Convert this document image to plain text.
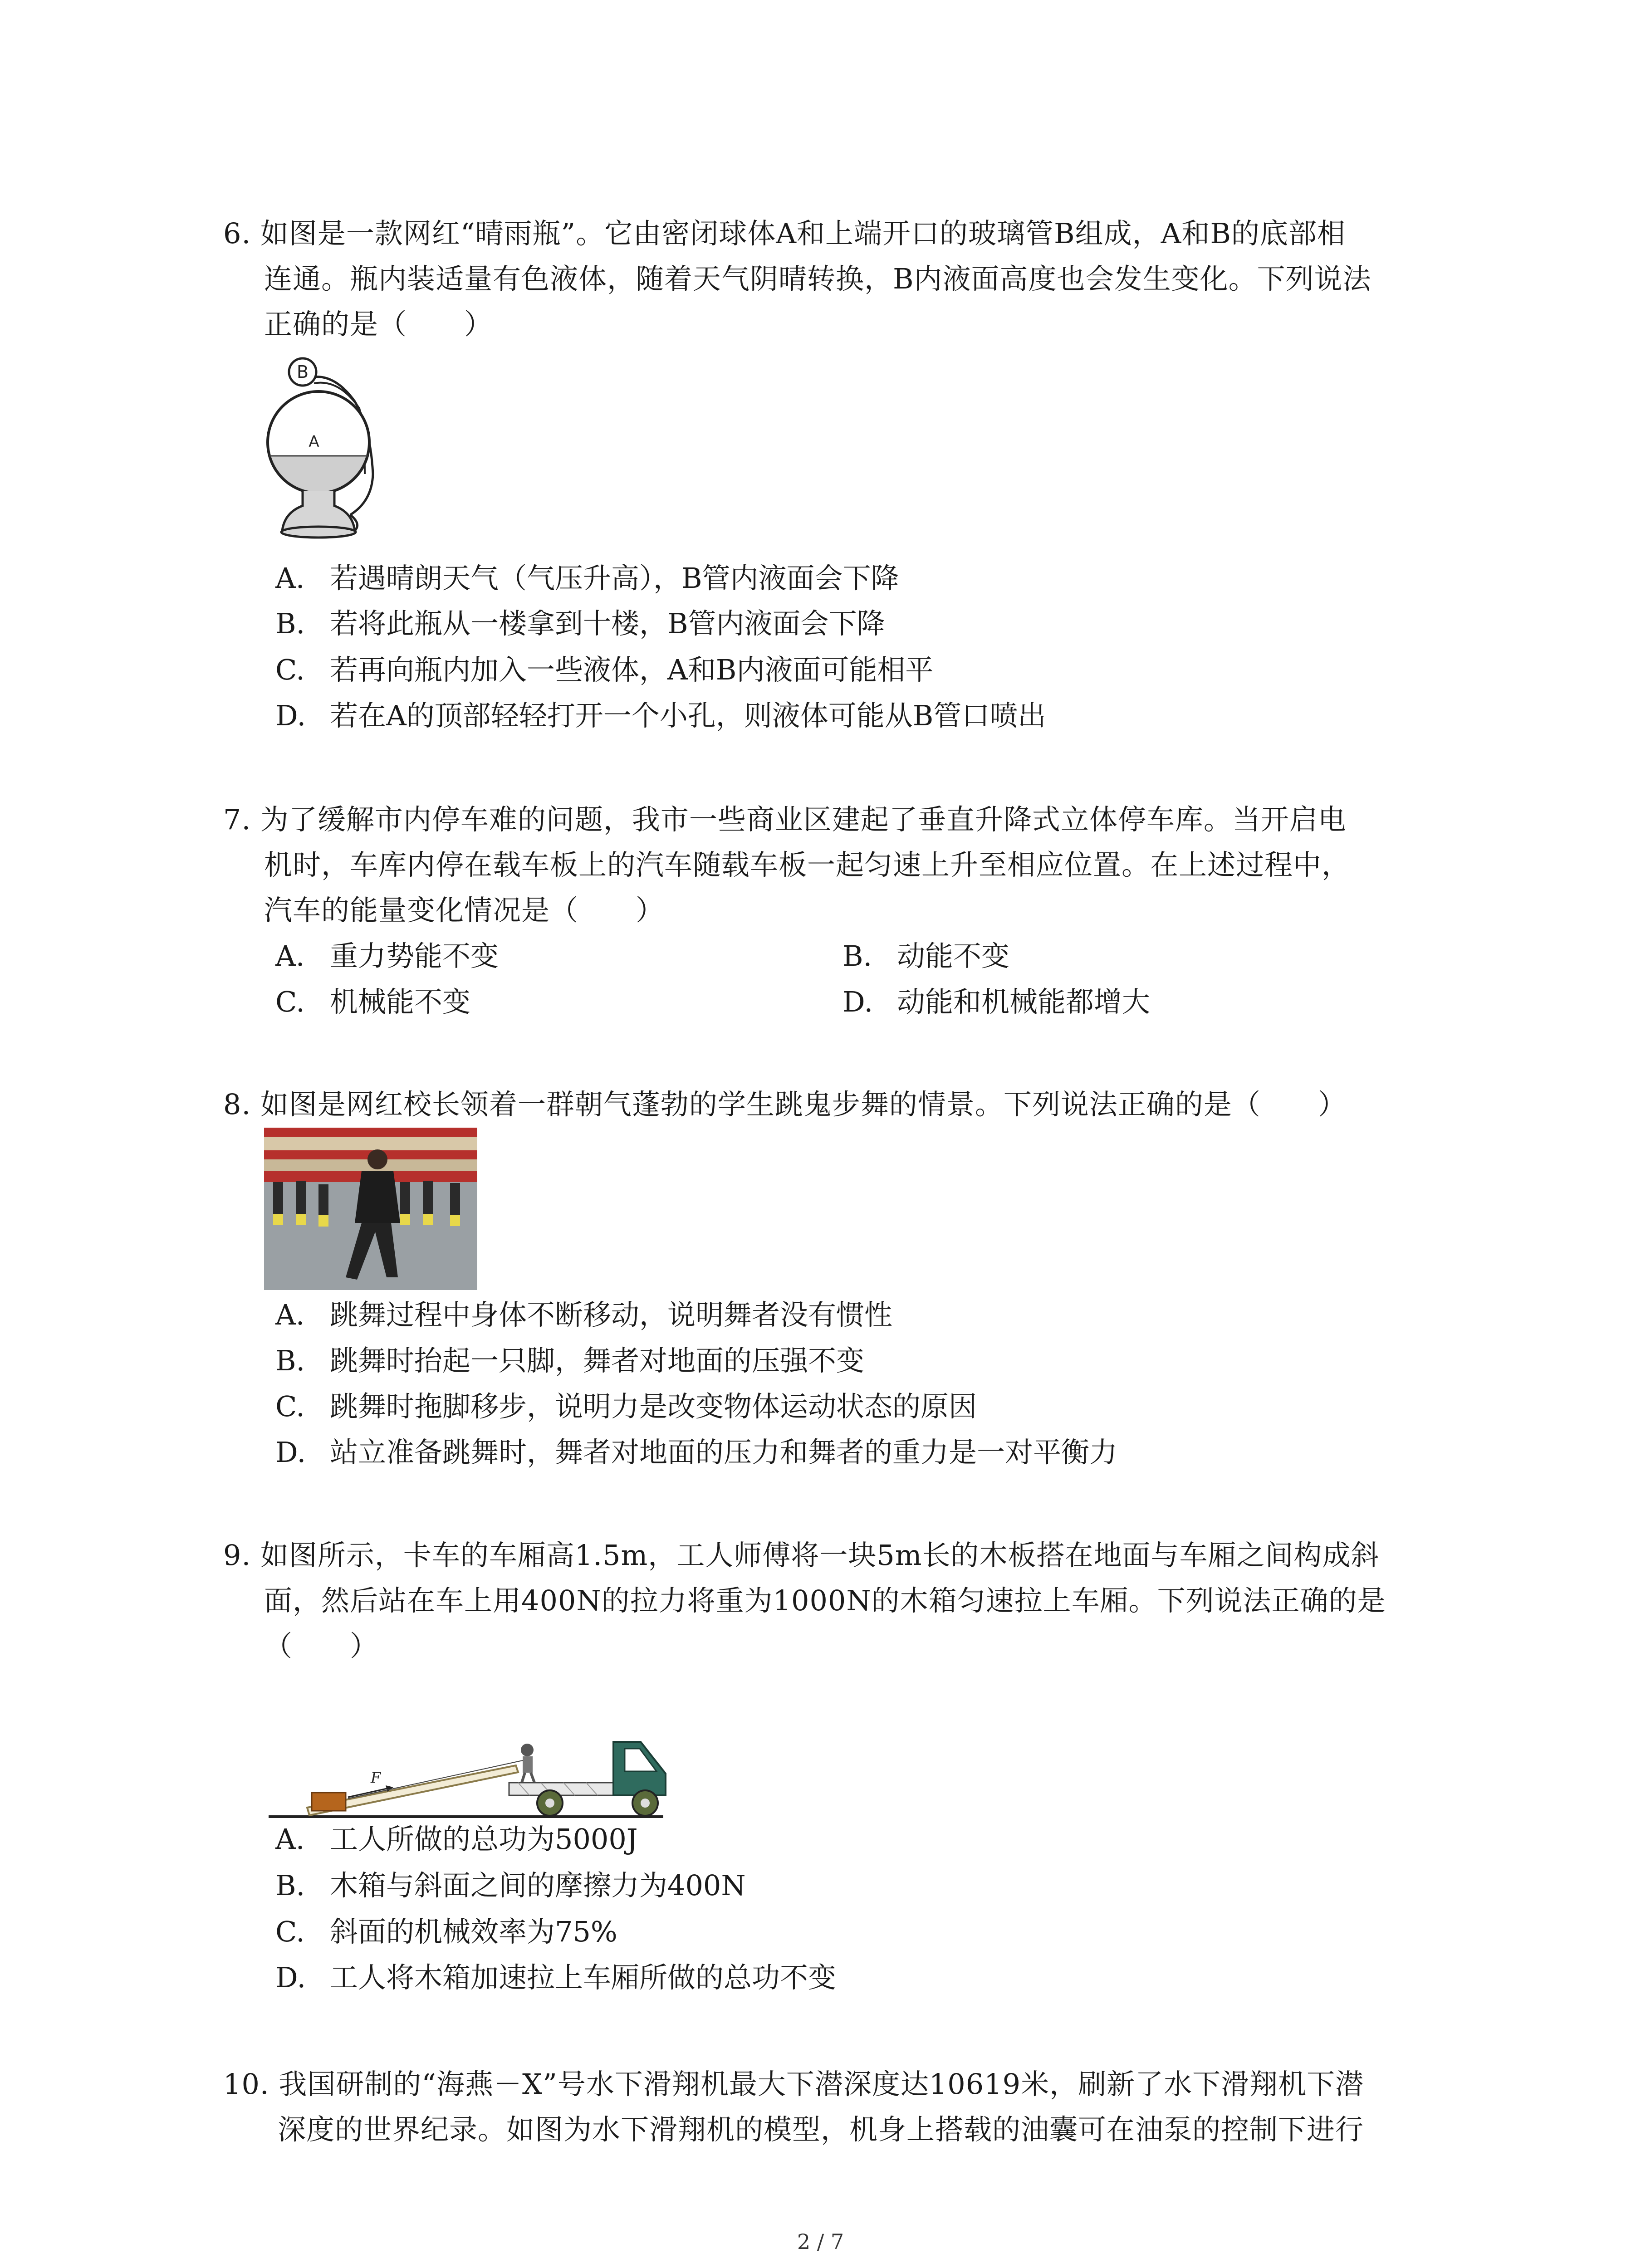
6. 如图是一款网红“晴雨瓶”。它由密闭球体A和上端开口的玻璃管B组成，A和B的底部相
连通。瓶内装适量有色液体，随着天气阴晴转换，B内液面高度也会发生变化。下列说法
正确的是（　　）
B
A
A. 若遇晴朗天气（气压升高），B管内液面会下降
B. 若将此瓶从一楼拿到十楼，B管内液面会下降
C. 若再向瓶内加入一些液体，A和B内液面可能相平
D. 若在A的顶部轻轻打开一个小孔，则液体可能从B管口喷出
7. 为了缓解市内停车难的问题，我市一些商业区建起了垂直升降式立体停车库。当开启电
机时，车库内停在载车板上的汽车随载车板一起匀速上升至相应位置。在上述过程中，
汽车的能量变化情况是（　　）
A. 重力势能不变	B. 动能不变
C. 机械能不变	D. 动能和机械能都增大
8. 如图是网红校长领着一群朝气蓬勃的学生跳鬼步舞的情景。下列说法正确的是（　　）
A. 跳舞过程中身体不断移动，说明舞者没有惯性
B. 跳舞时抬起一只脚，舞者对地面的压强不变
C. 跳舞时拖脚移步，说明力是改变物体运动状态的原因
D. 站立准备跳舞时，舞者对地面的压力和舞者的重力是一对平衡力
9. 如图所示，卡车的车厢高1.5m，工人师傅将一块5m长的木板搭在地面与车厢之间构成斜
面，然后站在车上用400N的拉力将重为1000N的木箱匀速拉上车厢。下列说法正确的是
（　　）
F
A. 工人所做的总功为5000J
B. 木箱与斜面之间的摩擦力为400N
C. 斜面的机械效率为75%
D. 工人将木箱加速拉上车厢所做的总功不变
10. 我国研制的“海燕－X”号水下滑翔机最大下潜深度达10619米，刷新了水下滑翔机下潜
深度的世界纪录。如图为水下滑翔机的模型，机身上搭载的油囊可在油泵的控制下进行
2 / 7
